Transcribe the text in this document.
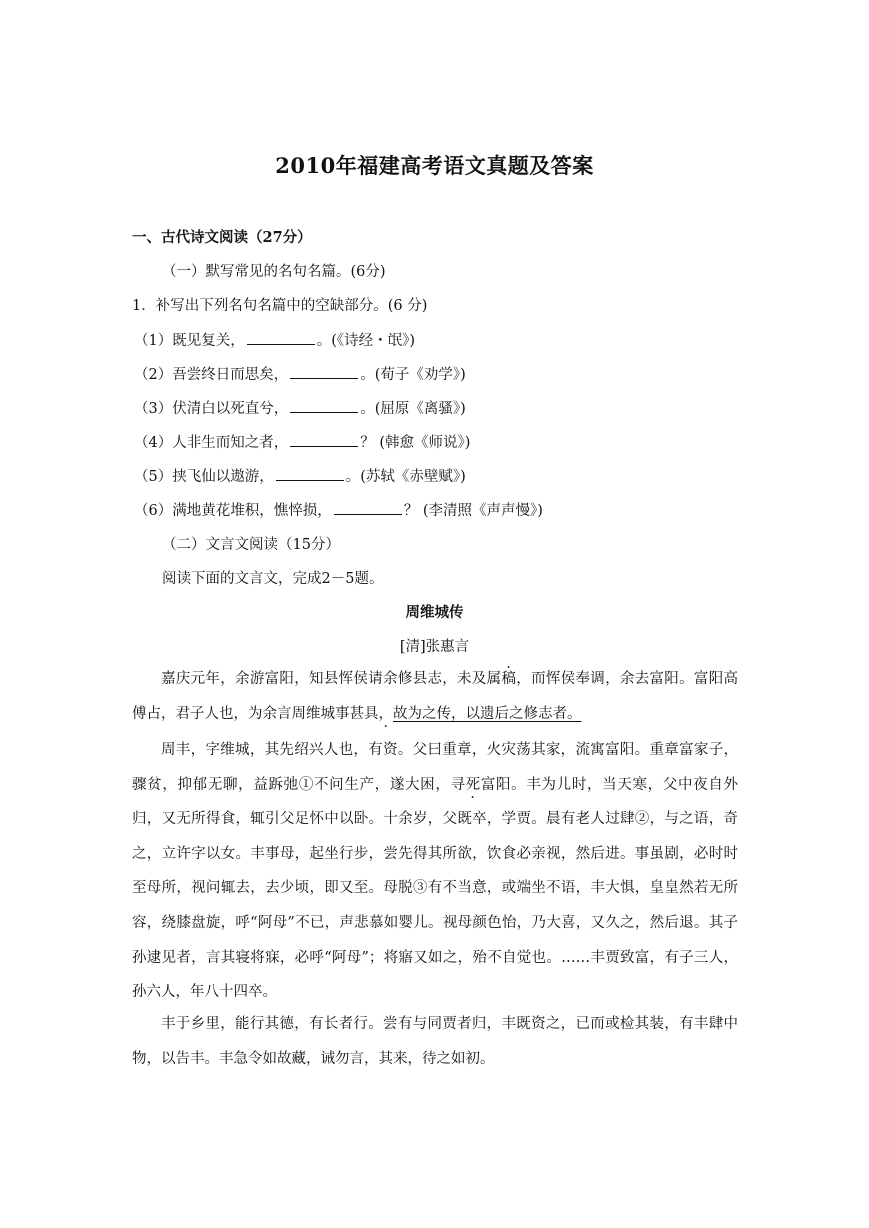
2010年福建高考语文真题及答案
一、古代诗文阅读（27分）
（一）默写常见的名句名篇。(6分)
1．补写出下列名句名篇中的空缺部分。(6 分)
（1）既见复关，	。(《诗经・氓》)
（2）吾尝终日而思矣，	。(荀子《劝学》)
（3）伏清白以死直兮，	。(屈原《离骚》)
（4）人非生而知之者，	？ (韩愈《师说》)
（5）挟飞仙以遨游，	。(苏轼《赤壁赋》)
（6）满地黄花堆积，憔悴损，	？ (李清照《声声慢》)
（二）文言文阅读（15分）
阅读下面的文言文，完成2－5题。
周维城传
[清]张惠言
嘉庆元年，余游富阳，知县恽侯请余修县志，未及属稿，而恽侯奉调，余去富阳。富阳高傅占，君子人也，为余言周维城事甚具，故为之传，以遗后之修志者。
周丰，字维城，其先绍兴人也，有资。父曰重章，火灾荡其家，流寓富阳。重章富家子，骤贫，抑郁无聊，益跅弛①不问生产，遂大困，寻死富阳。丰为儿时，当天寒，父中夜自外归，又无所得食，辄引父足怀中以卧。十余岁，父既卒，学贾。晨有老人过肆②，与之语，奇之，立许字以女。丰事母，起坐行步，尝先得其所欲，饮食必亲视，然后进。事虽剧，必时时至母所，视问辄去，去少顷，即又至。母脱③有不当意，或端坐不语，丰大惧，皇皇然若无所容，绕膝盘旋，呼“阿母”不已，声悲慕如婴儿。视母颜色怡，乃大喜，又久之，然后退。其子孙逮见者，言其寝将寐，必呼“阿母”；将寤又如之，殆不自觉也。……丰贾致富，有子三人，孙六人，年八十四卒。
丰于乡里，能行其德，有长者行。尝有与同贾者归，丰既资之，已而或检其装，有丰肆中物，以告丰。丰急令如故藏，诫勿言，其来，待之如初。
